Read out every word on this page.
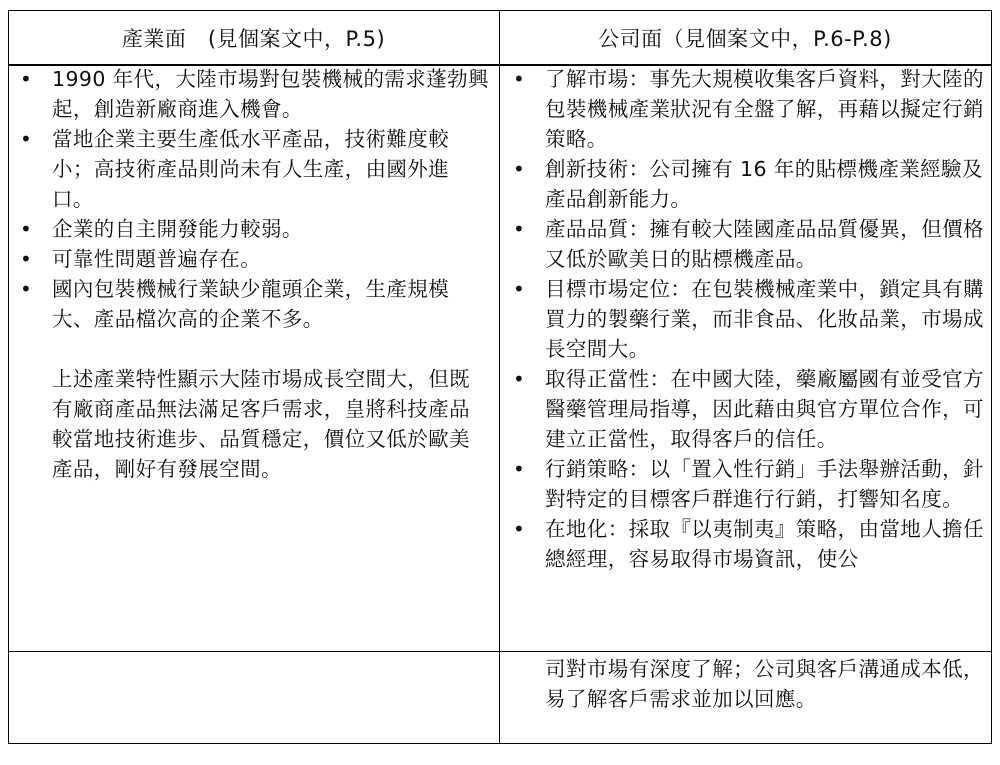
產業面　(見個案文中，P.5)	公司面（見個案文中，P.6-P.8)
• 1990 年代，大陸市場對包裝機械的需求蓬勃興起，創造新廠商進入機會。
• 當地企業主要生產低水平產品，技術難度較小；高技術產品則尚未有人生產，由國外進口。
• 企業的自主開發能力較弱。
• 可靠性問題普遍存在。
• 國內包裝機械行業缺少龍頭企業，生產規模大、產品檔次高的企業不多。

上述產業特性顯示大陸市場成長空間大，但既有廠商產品無法滿足客戶需求，皇將科技產品較當地技術進步、品質穩定，價位又低於歐美產品，剛好有發展空間。

• 了解市場：事先大規模收集客戶資料，對大陸的包裝機械產業狀況有全盤了解，再藉以擬定行銷策略。
• 創新技術：公司擁有 16 年的貼標機產業經驗及產品創新能力。
• 產品品質：擁有較大陸國產品品質優異，但價格又低於歐美日的貼標機產品。
• 目標市場定位：在包裝機械產業中，鎖定具有購買力的製藥行業，而非食品、化妝品業，市場成長空間大。
• 取得正當性：在中國大陸，藥廠屬國有並受官方醫藥管理局指導，因此藉由與官方單位合作，可建立正當性，取得客戶的信任。
• 行銷策略：以「置入性行銷」手法舉辦活動，針對特定的目標客戶群進行行銷，打響知名度。
• 在地化：採取『以夷制夷』策略，由當地人擔任總經理，容易取得市場資訊，使公
司對市場有深度了解；公司與客戶溝通成本低，易了解客戶需求並加以回應。
